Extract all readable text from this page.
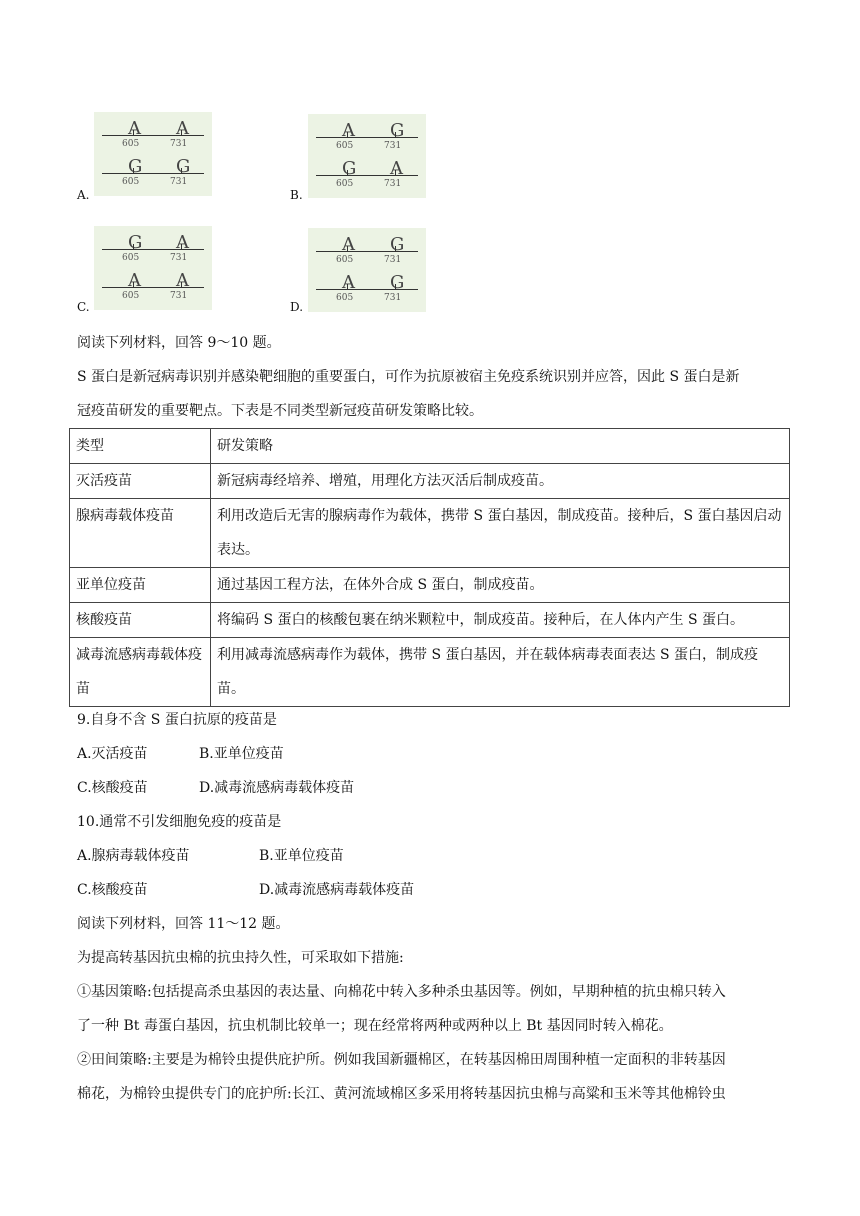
A.
A A
605	731
G G
605	731
B.
A G
605	731
G A
605	731
C.
G A
605	731
A A
605	731
D.
A G
605	731
A G
605	731
阅读下列材料，回答 9～10 题。
S 蛋白是新冠病毒识别并感染靶细胞的重要蛋白，可作为抗原被宿主免疫系统识别并应答，因此 S 蛋白是新
冠疫苗研发的重要靶点。下表是不同类型新冠疫苗研发策略比较。
类型	研发策略
灭活疫苗	新冠病毒经培养、增殖，用理化方法灭活后制成疫苗。
腺病毒载体疫苗	利用改造后无害的腺病毒作为载体，携带 S 蛋白基因，制成疫苗。接种后，S 蛋白基因启动表达。
亚单位疫苗	通过基因工程方法，在体外合成 S 蛋白，制成疫苗。
核酸疫苗	将编码 S 蛋白的核酸包裹在纳米颗粒中，制成疫苗。接种后，在人体内产生 S 蛋白。
减毒流感病毒载体疫苗	利用减毒流感病毒作为载体，携带 S 蛋白基因，并在载体病毒表面表达 S 蛋白，制成疫苗。
9.自身不含 S 蛋白抗原的疫苗是
A.灭活疫苗	B.亚单位疫苗
C.核酸疫苗	D.减毒流感病毒载体疫苗
10.通常不引发细胞免疫的疫苗是
A.腺病毒载体疫苗	B.亚单位疫苗
C.核酸疫苗	D.减毒流感病毒载体疫苗
阅读下列材料，回答 11～12 题。
为提高转基因抗虫棉的抗虫持久性，可采取如下措施:
①基因策略:包括提高杀虫基因的表达量、向棉花中转入多种杀虫基因等。例如，早期种植的抗虫棉只转入
了一种 Bt 毒蛋白基因，抗虫机制比较单一；现在经常将两种或两种以上 Bt 基因同时转入棉花。
②田间策略:主要是为棉铃虫提供庇护所。例如我国新疆棉区，在转基因棉田周围种植一定面积的非转基因
棉花，为棉铃虫提供专门的庇护所:长江、黄河流域棉区多采用将转基因抗虫棉与高粱和玉米等其他棉铃虫
